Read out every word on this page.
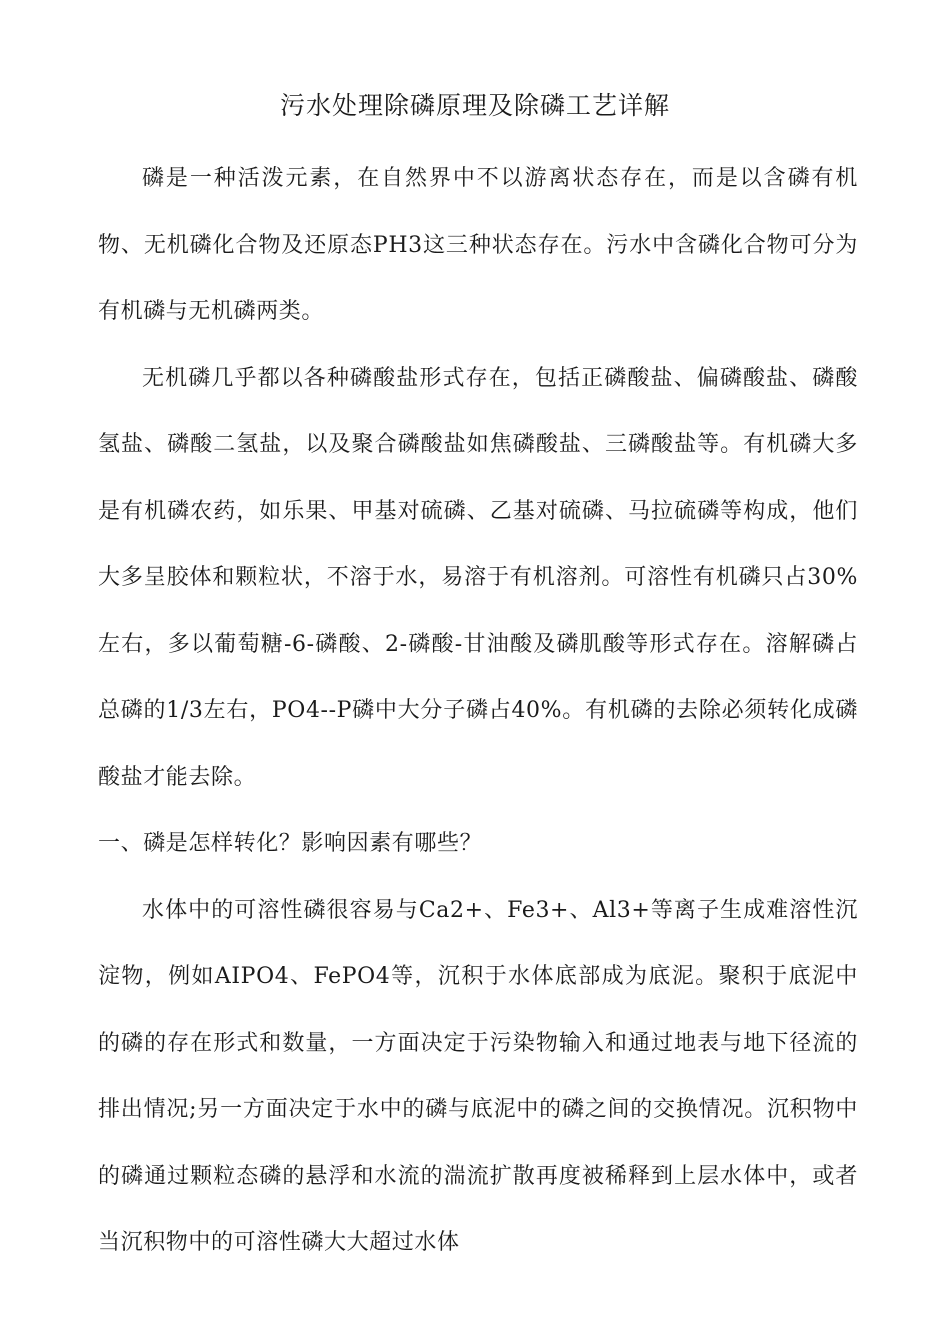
污水处理除磷原理及除磷工艺详解

磷是一种活泼元素，在自然界中不以游离状态存在，而是以含磷有机物、无机磷化合物及还原态PH3这三种状态存在。污水中含磷化合物可分为有机磷与无机磷两类。

无机磷几乎都以各种磷酸盐形式存在，包括正磷酸盐、偏磷酸盐、磷酸氢盐、磷酸二氢盐，以及聚合磷酸盐如焦磷酸盐、三磷酸盐等。有机磷大多是有机磷农药，如乐果、甲基对硫磷、乙基对硫磷、马拉硫磷等构成，他们大多呈胶体和颗粒状，不溶于水，易溶于有机溶剂。可溶性有机磷只占30%左右，多以葡萄糖-6-磷酸、2-磷酸-甘油酸及磷肌酸等形式存在。溶解磷占总磷的1/3左右，PO4--P磷中大分子磷占40%。有机磷的去除必须转化成磷酸盐才能去除。

一、磷是怎样转化？影响因素有哪些？

水体中的可溶性磷很容易与Ca2+、Fe3+、Al3+等离子生成难溶性沉淀物，例如AIPO4、FePO4等，沉积于水体底部成为底泥。聚积于底泥中的磷的存在形式和数量，一方面决定于污染物输入和通过地表与地下径流的排出情况;另一方面决定于水中的磷与底泥中的磷之间的交换情况。沉积物中的磷通过颗粒态磷的悬浮和水流的湍流扩散再度被稀释到上层水体中，或者当沉积物中的可溶性磷大大超过水体
